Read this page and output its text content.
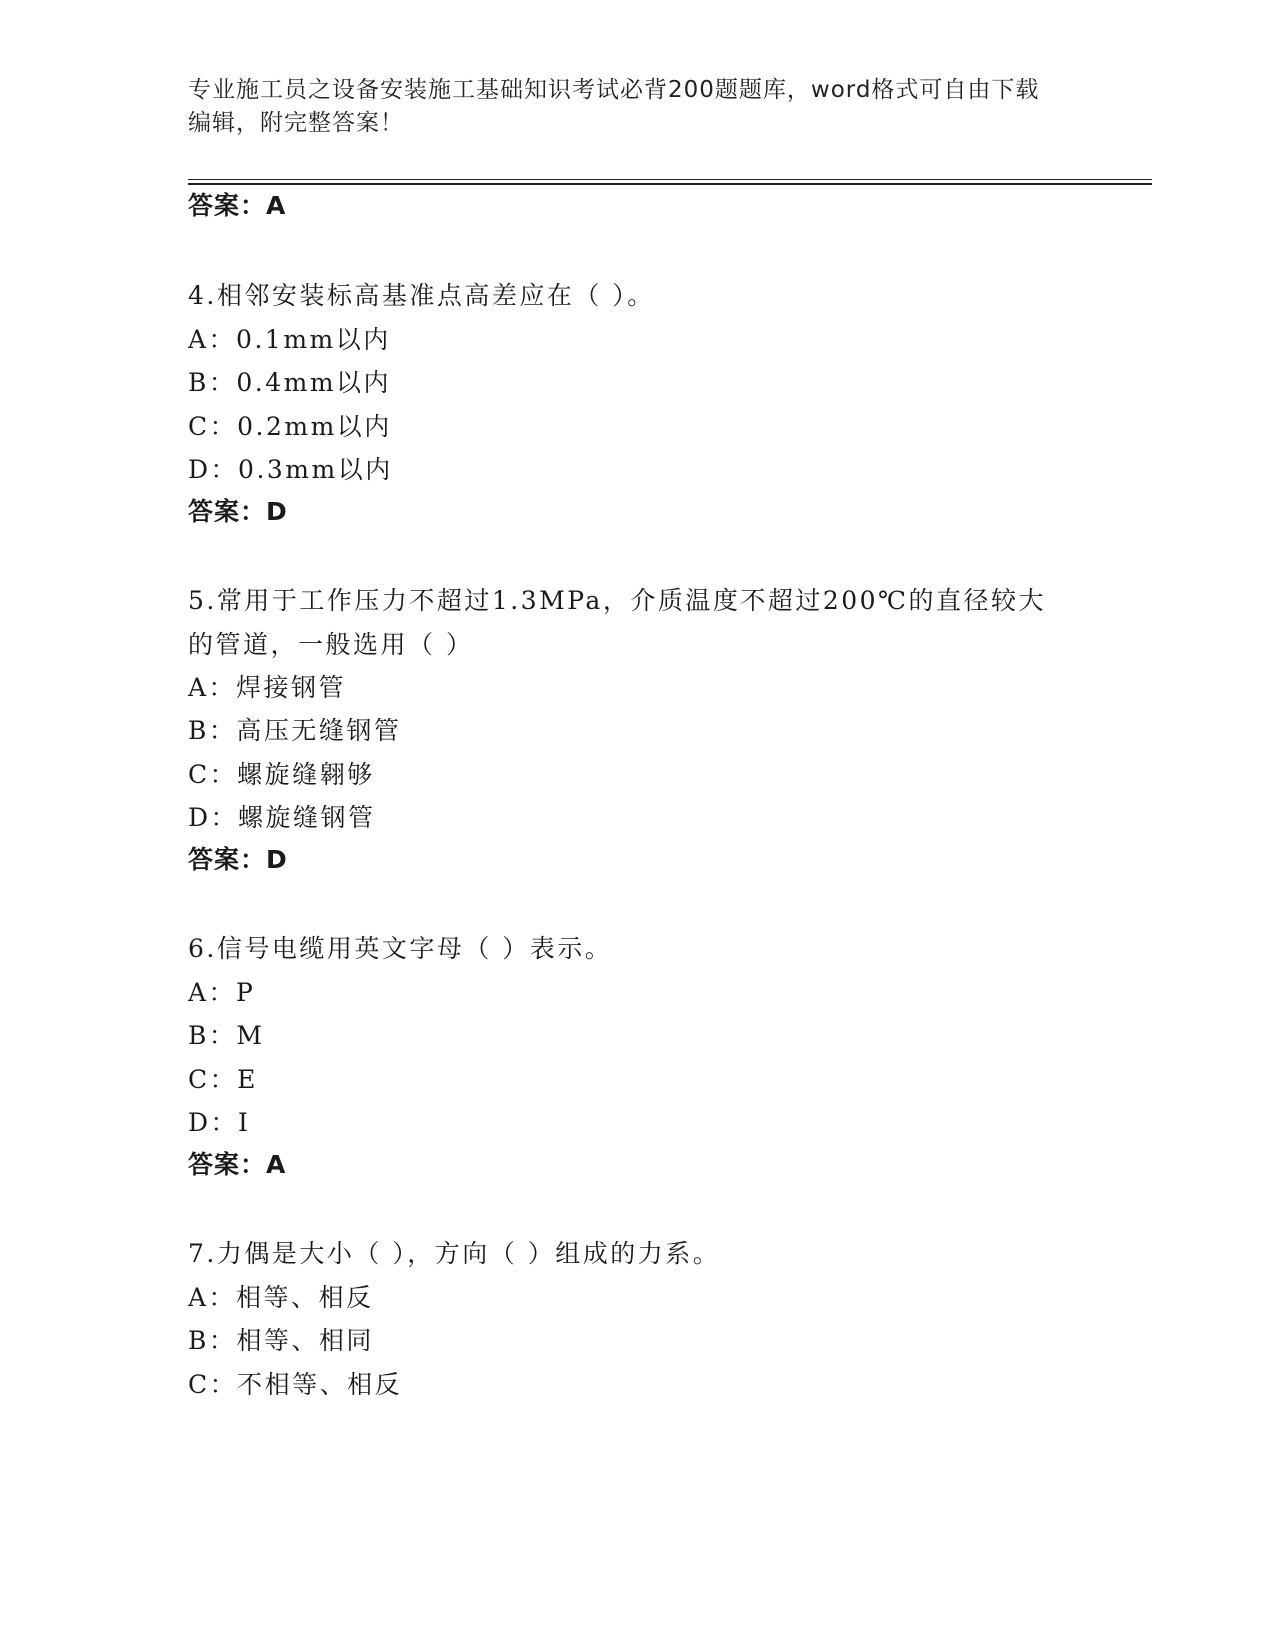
专业施工员之设备安装施工基础知识考试必背200题题库，word格式可自由下载
编辑，附完整答案！
答案：A
4.相邻安装标高基准点高差应在（ ）。
A：0.1mm以内
B：0.4mm以内
C：0.2mm以内
D：0.3mm以内
答案：D
5.常用于工作压力不超过1.3MPa，介质温度不超过200℃的直径较大
的管道，一般选用（ ）
A：焊接钢管
B：高压无缝钢管
C：螺旋缝翱够
D：螺旋缝钢管
答案：D
6.信号电缆用英文字母（ ）表示。
A：P
B：M
C：E
D：I
答案：A
7.力偶是大小（ ），方向（ ）组成的力系。
A：相等、相反
B：相等、相同
C：不相等、相反
